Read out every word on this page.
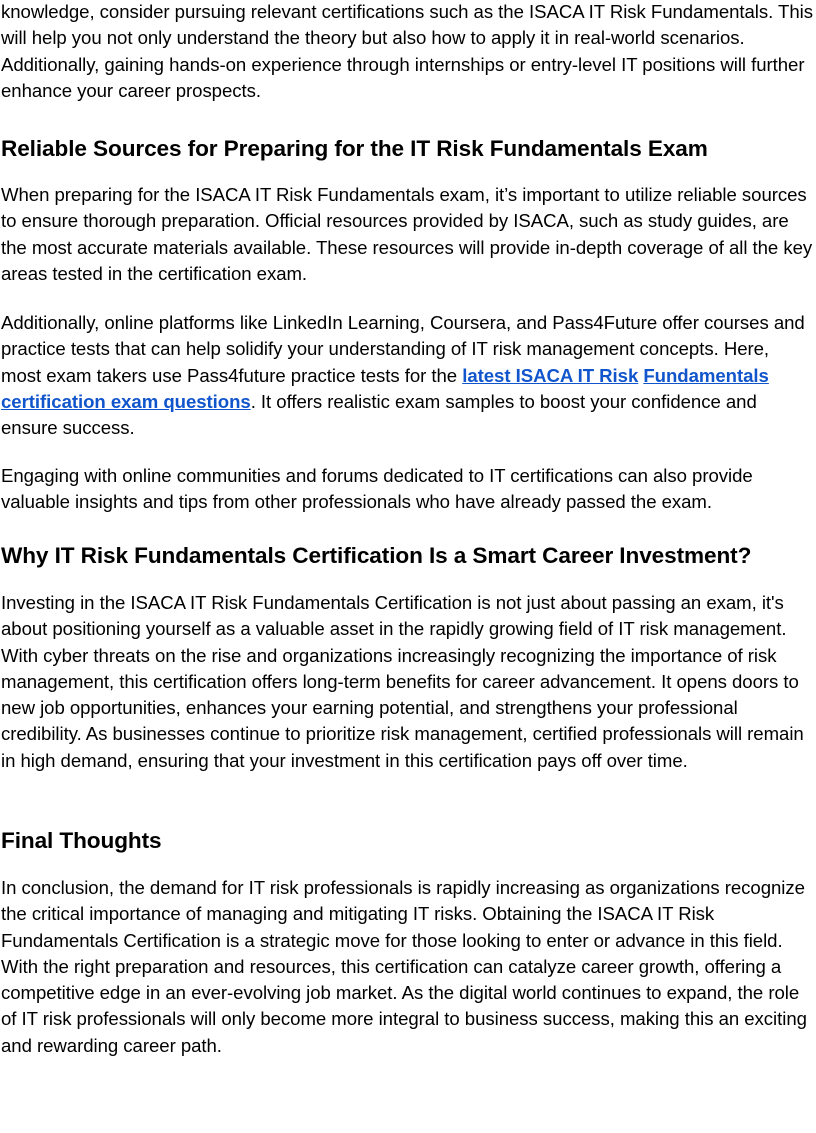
knowledge, consider pursuing relevant certifications such as the ISACA IT Risk Fundamentals. This will help you not only understand the theory but also how to apply it in real-world scenarios. Additionally, gaining hands-on experience through internships or entry-level IT positions will further enhance your career prospects.

Reliable Sources for Preparing for the IT Risk Fundamentals Exam

When preparing for the ISACA IT Risk Fundamentals exam, it’s important to utilize reliable sources to ensure thorough preparation. Official resources provided by ISACA, such as study guides, are the most accurate materials available. These resources will provide in-depth coverage of all the key areas tested in the certification exam.

Additionally, online platforms like LinkedIn Learning, Coursera, and Pass4Future offer courses and practice tests that can help solidify your understanding of IT risk management concepts. Here, most exam takers use Pass4future practice tests for the latest ISACA IT Risk Fundamentals certification exam questions. It offers realistic exam samples to boost your confidence and ensure success.

Engaging with online communities and forums dedicated to IT certifications can also provide valuable insights and tips from other professionals who have already passed the exam.

Why IT Risk Fundamentals Certification Is a Smart Career Investment?

Investing in the ISACA IT Risk Fundamentals Certification is not just about passing an exam, it's about positioning yourself as a valuable asset in the rapidly growing field of IT risk management. With cyber threats on the rise and organizations increasingly recognizing the importance of risk management, this certification offers long-term benefits for career advancement. It opens doors to new job opportunities, enhances your earning potential, and strengthens your professional credibility. As businesses continue to prioritize risk management, certified professionals will remain in high demand, ensuring that your investment in this certification pays off over time.

Final Thoughts

In conclusion, the demand for IT risk professionals is rapidly increasing as organizations recognize the critical importance of managing and mitigating IT risks. Obtaining the ISACA IT Risk Fundamentals Certification is a strategic move for those looking to enter or advance in this field. With the right preparation and resources, this certification can catalyze career growth, offering a competitive edge in an ever-evolving job market. As the digital world continues to expand, the role of IT risk professionals will only become more integral to business success, making this an exciting and rewarding career path.
